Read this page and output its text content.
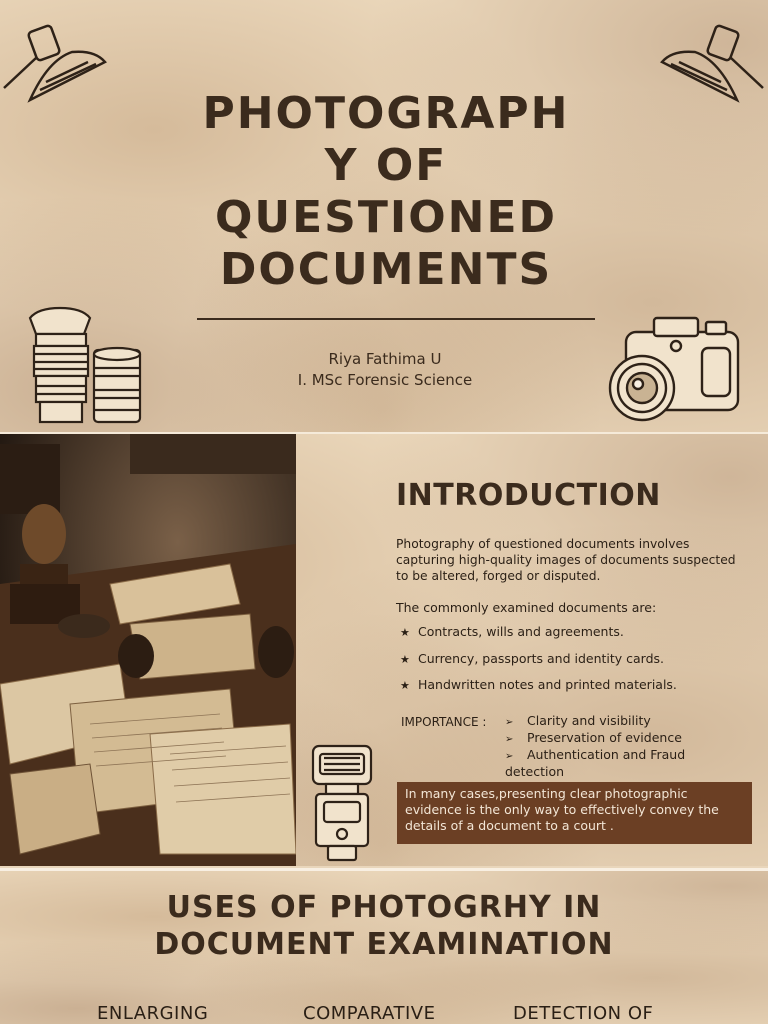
PHOTOGRAPH Y OF QUESTIONED DOCUMENTS
Riya Fathima U
I. MSc Forensic Science
INTRODUCTION

Photography of questioned documents involves capturing high-quality images of documents suspected to be altered, forged or disputed.

The commonly examined documents are:
★ Contracts, wills and agreements.
★ Currency, passports and identity cards.
★ Handwritten notes and printed materials.
IMPORTANCE : ➢ Clarity and visibility
➢ Preservation of evidence
➢ Authentication and Fraud detection
In many cases,presenting clear photographic evidence is the only way to effectively convey the details of a document to a court .
USES OF PHOTOGRHY IN DOCUMENT EXAMINATION
ENLARGING	COMPARATIVE	DETECTION OF
